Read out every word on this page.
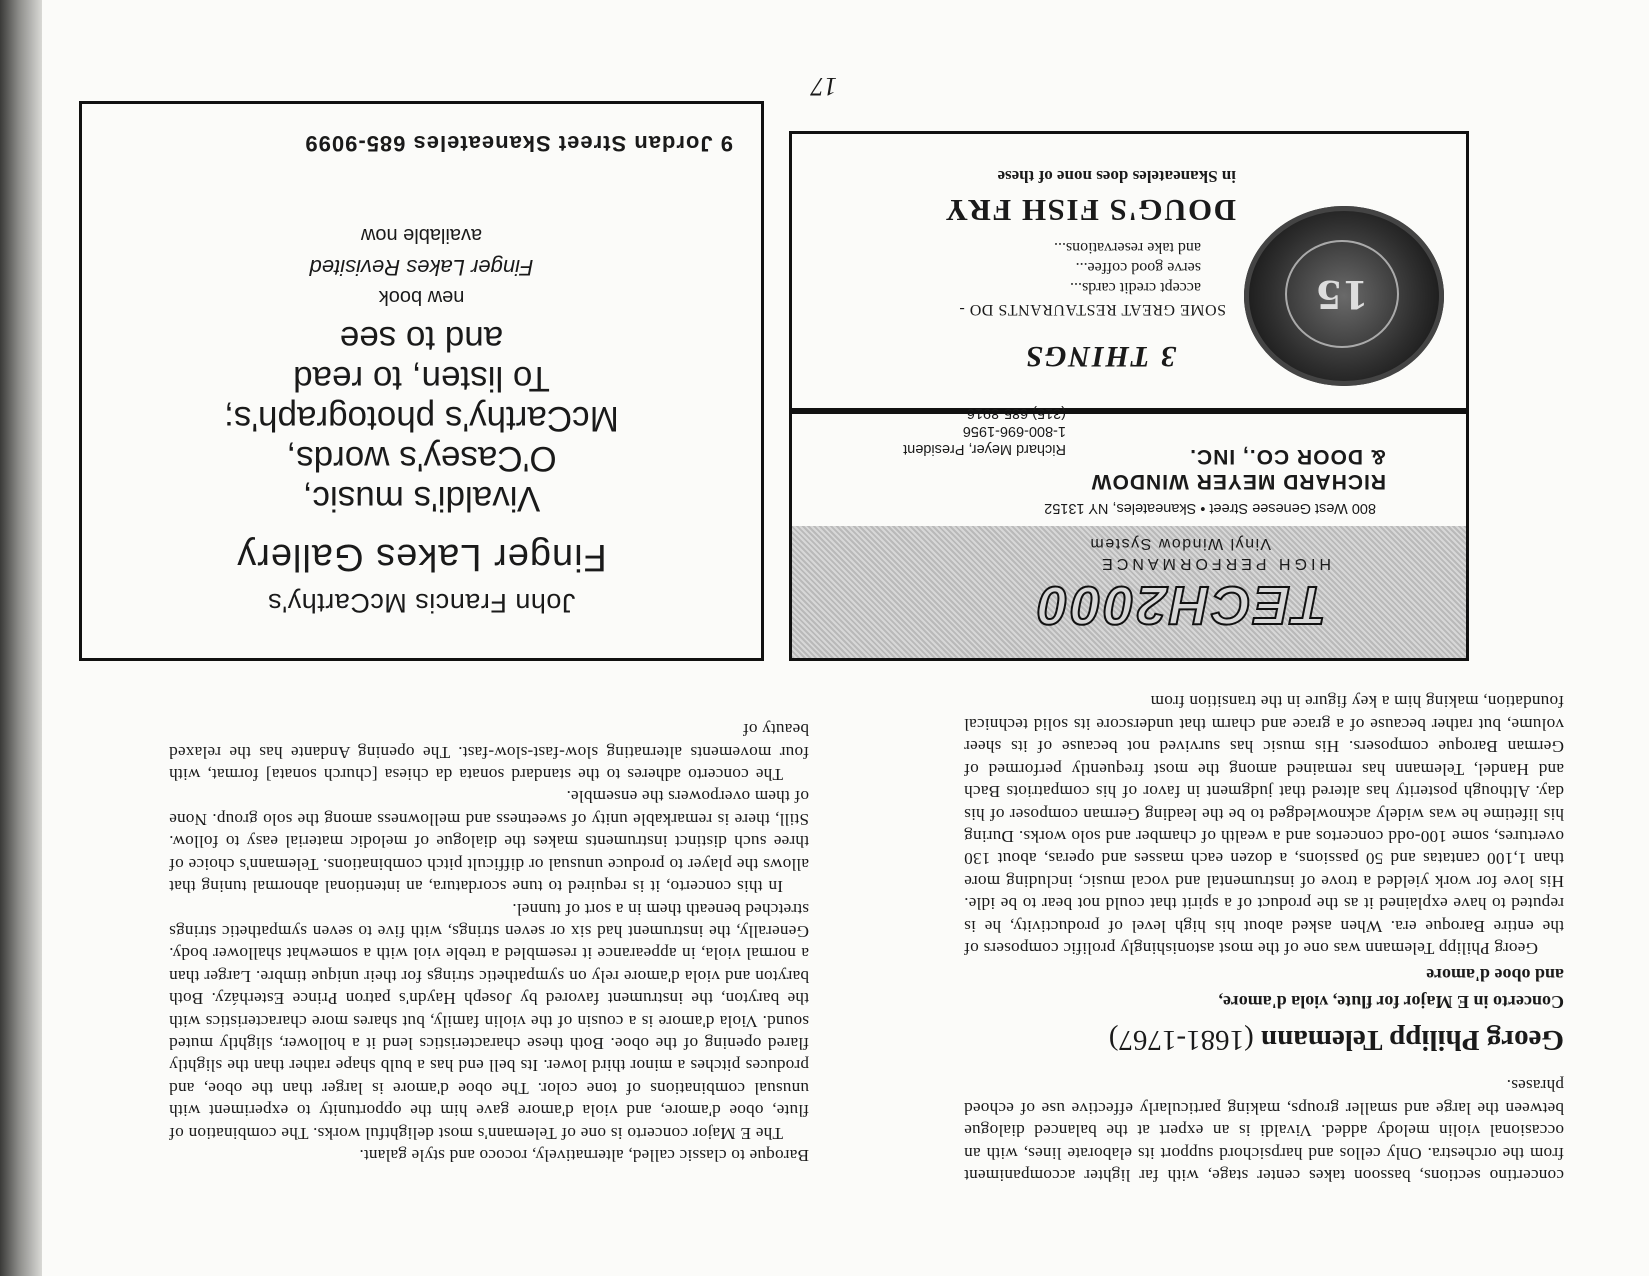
17

concertino sections, bassoon takes center stage, with far lighter accompaniment from the orchestra. Only cellos and harpsichord support its elaborate lines, with an occasional violin melody added. Vivaldi is an expert at the balanced dialogue between the large and smaller groups, making particularly effective use of echoed phrases.

Georg Philipp Telemann (1681-1767)
Concerto in E Major for flute, viola d'amore,
and oboe d'amore

Georg Philipp Telemann was one of the most astonishingly prolific composers of the entire Baroque era. When asked about his high level of productivity, he is reputed to have explained it as the product of a spirit that could not bear to be idle. His love for work yielded a trove of instrumental and vocal music, including more than 1,100 cantatas and 50 passions, a dozen each masses and operas, about 130 overtures, some 100-odd concertos and a wealth of chamber and solo works. During his lifetime he was widely acknowledged to be the leading German composer of his day. Although posterity has altered that judgment in favor of his compatriots Bach and Handel, Telemann has remained among the most frequently performed of German Baroque composers. His music has survived not because of its sheer volume, but rather because of a grace and charm that underscore its solid technical foundation, making him a key figure in the transition from

Baroque to classic called, alternatively, rococo and style galant.

The E Major concerto is one of Telemann's most delightful works. The combination of flute, oboe d'amore, and viola d'amore gave him the opportunity to experiment with unusual combinations of tone color. The oboe d'amore is larger than the oboe, and produces pitches a minor third lower. Its bell end has a bulb shape rather than the slightly flared opening of the oboe. Both these characteristics lend it a hollower, slightly muted sound. Viola d'amore is a cousin of the violin family, but shares more characteristics with the baryton, the instrument favored by Joseph Haydn's patron Prince Esterházy. Both baryton and viola d'amore rely on sympathetic strings for their unique timbre. Larger than a normal viola, in appearance it resembled a treble viol with a somewhat shallower body. Generally, the instrument had six or seven strings, with five to seven sympathetic strings stretched beneath them in a sort of tunnel.

In this concerto, it is required to tune scordatura, an intentional abnormal tuning that allows the player to produce unusual or difficult pitch combinations. Telemann's choice of three such distinct instruments makes the dialogue of melodic material easy to follow. Still, there is remarkable unity of sweetness and mellowness among the solo group. None of them overpowers the ensemble.

The concerto adheres to the standard sonata da chiesa [church sonata] format, with four movements alternating slow-fast-slow-fast. The opening Andante has the relaxed beauty of

15
3 THINGS
SOME GREAT RESTAURANTS DO -
accept credit cards...
serve good coffee...
and take reservations...
DOUG'S FISH FRY
in Skaneateles does none of these
TECH2000
HIGH PERFORMANCE
Vinyl Window System
800 West Genesee Street • Skaneateles, NY 13152
RICHARD MEYER WINDOW
& DOOR CO., INC.
Richard Meyer, President
1-800-696-1956
(315) 685-8916
John Francis McCarthy's
Finger Lakes Gallery
Vivaldi's music,
O'Casey's words,
McCarthy's photograph's;
To listen, to read
and to see
new book
Finger Lakes Revisited
available now
9 Jordan Street Skaneateles 685-9099
